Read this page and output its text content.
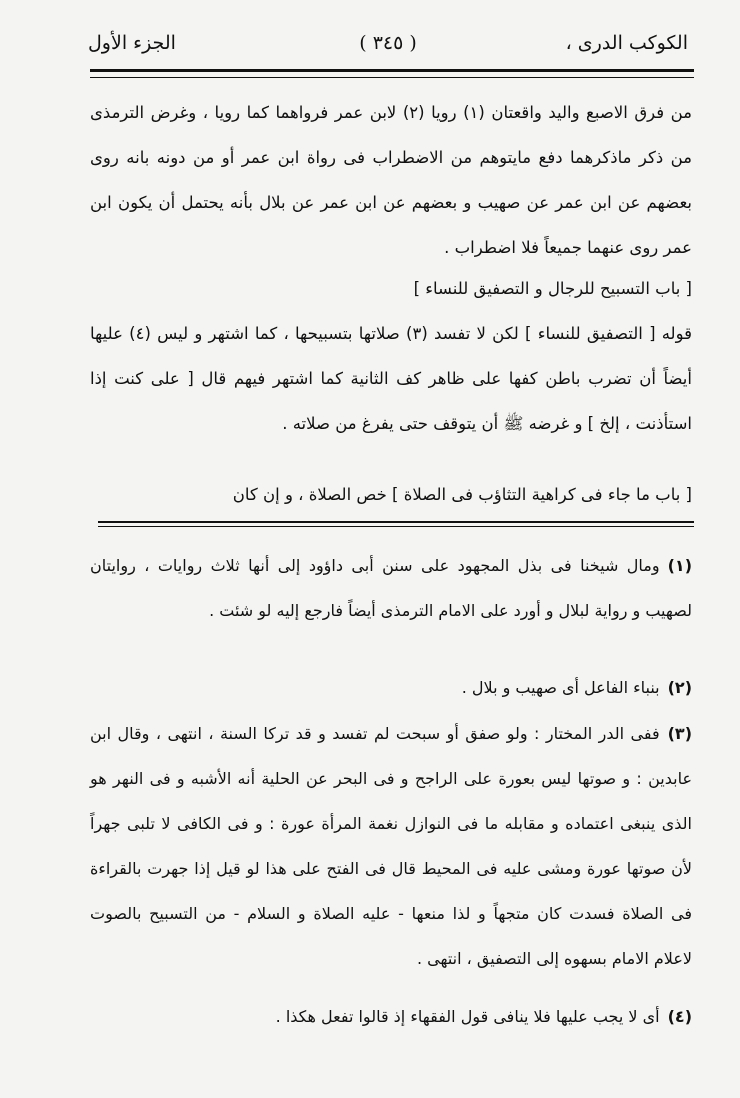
الكوكب الدرى ،
( ٣٤٥ )
الجزء الأول
من فرق الاصبع واليد واقعتان (١) رويا (٢) لابن عمر فرواهما كما رويا ، وغرض الترمذى من ذكر ماذكرهما دفع مايتوهم من الاضطراب فى رواة ابن عمر أو من دونه بانه روى بعضهم عن ابن عمر عن صهيب و بعضهم عن ابن عمر عن بلال بأنه يحتمل أن يكون ابن عمر روى عنهما جميعاً فلا اضطراب .
[ باب التسبيح للرجال و التصفيق للنساء ]
قوله [ التصفيق للنساء ] لكن لا تفسد (٣) صلاتها بتسبيحها ، كما اشتهر و ليس (٤) عليها أيضاً أن تضرب باطن كفها على ظاهر كف الثانية كما اشتهر فيهم قال [ على كنت إذا استأذنت ، إلخ ] و غرضه ﷺ أن يتوقف حتى يفرغ من صلاته .
[ باب ما جاء فى كراهية التثاؤب فى الصلاة ] خص الصلاة ، و إن كان
(١)ومال شيخنا فى بذل المجهود على سنن أبى داؤود إلى أنها ثلاث روايات ، روايتان لصهيب و رواية لبلال و أورد على الامام الترمذى أيضاً فارجع إليه لو شئت .
(٢)بنباء الفاعل أى صهيب و بلال .
(٣)ففى الدر المختار : ولو صفق أو سبحت لم تفسد و قد تركا السنة ، انتهى ، وقال ابن عابدين : و صوتها ليس بعورة على الراجح و فى البحر عن الحلية أنه الأشبه و فى النهر هو الذى ينبغى اعتماده و مقابله ما فى النوازل نغمة المرأة عورة : و فى الكافى لا تلبى جهراً لأن صوتها عورة ومشى عليه فى المحيط قال فى الفتح على هذا لو قيل إذا جهرت بالقراءة فى الصلاة فسدت كان متجهاً و لذا منعها - عليه الصلاة و السلام - من التسبيح بالصوت لاعلام الامام بسهوه إلى التصفيق ، انتهى .
(٤)أى لا يجب عليها فلا ينافى قول الفقهاء إذ قالوا تفعل هكذا .
